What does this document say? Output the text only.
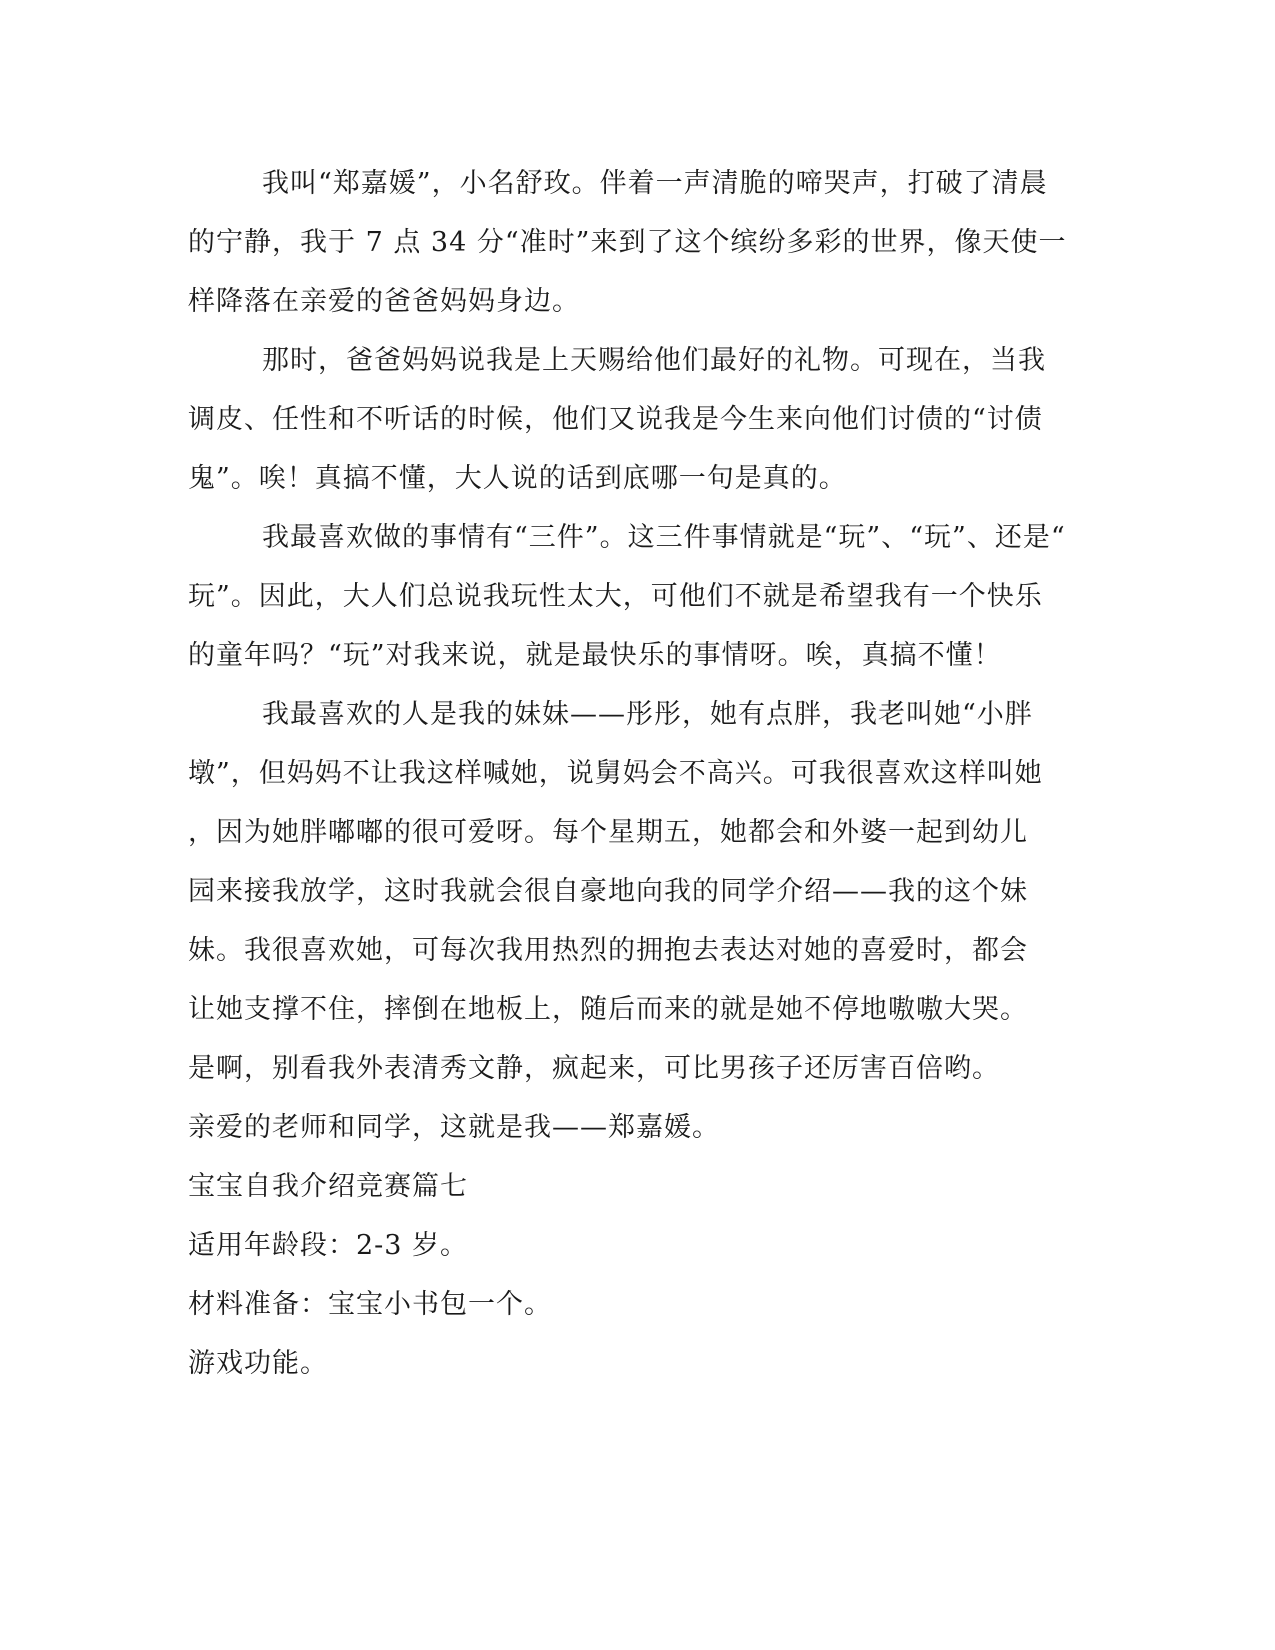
我叫“郑嘉媛”，小名舒玫。伴着一声清脆的啼哭声，打破了清晨
的宁静，我于 7 点 34 分“准时”来到了这个缤纷多彩的世界，像天使一
样降落在亲爱的爸爸妈妈身边。

那时，爸爸妈妈说我是上天赐给他们最好的礼物。可现在，当我
调皮、任性和不听话的时候，他们又说我是今生来向他们讨债的“讨债
鬼”。唉！真搞不懂，大人说的话到底哪一句是真的。

我最喜欢做的事情有“三件”。这三件事情就是“玩”、“玩”、还是“
玩”。因此，大人们总说我玩性太大，可他们不就是希望我有一个快乐
的童年吗？“玩”对我来说，就是最快乐的事情呀。唉，真搞不懂！

我最喜欢的人是我的妹妹——彤彤，她有点胖，我老叫她“小胖
墩”，但妈妈不让我这样喊她，说舅妈会不高兴。可我很喜欢这样叫她
，因为她胖嘟嘟的很可爱呀。每个星期五，她都会和外婆一起到幼儿
园来接我放学，这时我就会很自豪地向我的同学介绍——我的这个妹
妹。我很喜欢她，可每次我用热烈的拥抱去表达对她的喜爱时，都会
让她支撑不住，摔倒在地板上，随后而来的就是她不停地嗷嗷大哭。
是啊，别看我外表清秀文静，疯起来，可比男孩子还厉害百倍哟。

亲爱的老师和同学，这就是我——郑嘉媛。

宝宝自我介绍竞赛篇七

适用年龄段：2-3 岁。

材料准备：宝宝小书包一个。

游戏功能。
